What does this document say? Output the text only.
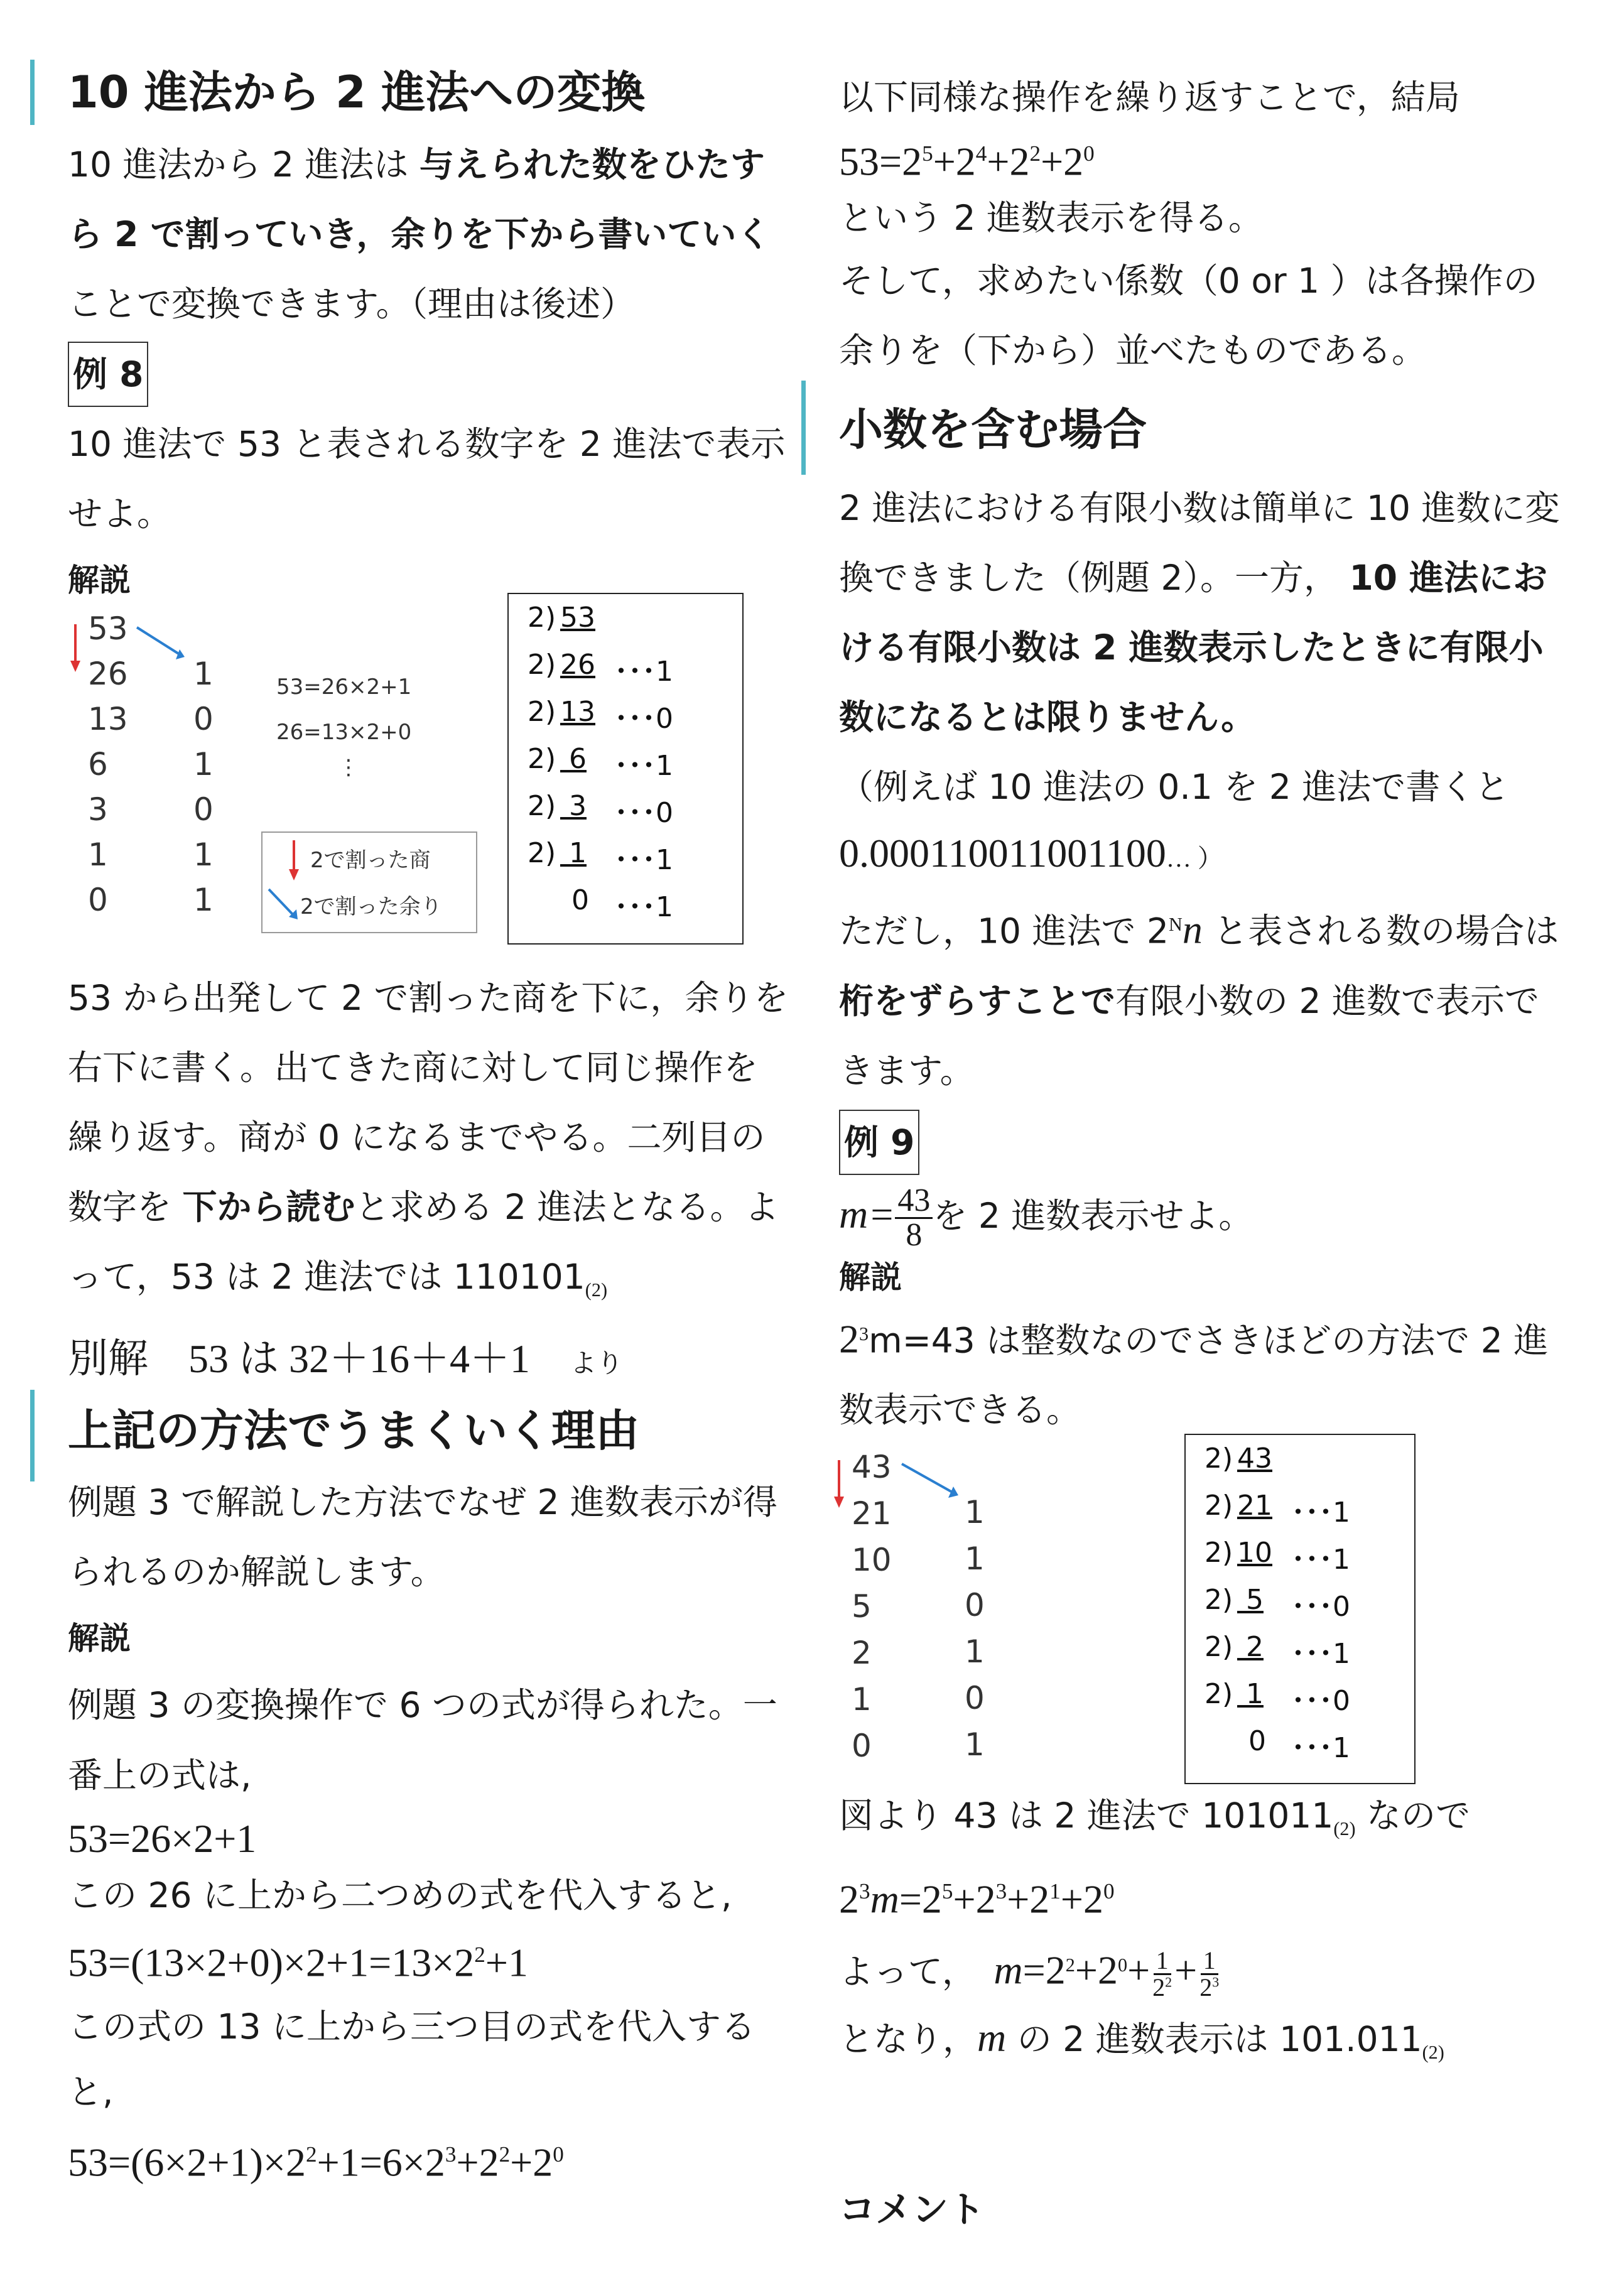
10 進法から 2 進法への変換

10 進法から 2 進法は 与えられた数をひたすら 2 で割っていき，余りを下から書いていくことで変換できます。（理由は後述）

例 8

10 進法で 53 と表される数字を 2 進法で表示せよ。

解説

53
26
13
6
3
1
0
1
0
1
0
1
1
53=26×2+1
26=13×2+0
⋮
2で割った商
2で割った余り
2) 53
2) 26 ･･･1
2) 13 ･･･0
2) 6 ･･･1
2) 3 ･･･0
2) 1 ･･･1
0 ･･･1

53 から出発して 2 で割った商を下に，余りを右下に書く。出てきた商に対して同じ操作を繰り返す。商が 0 になるまでやる。二列目の数字を 下から読むと求める 2 進法となる。よって，53 は 2 進法では $110101_{(2)}$

別解　53 は 32＋16＋4＋1　 より

上記の方法でうまくいく理由

例題 3 で解説した方法でなぜ 2 進数表示が得られるのか解説します。

解説

例題 3 の変換操作で 6 つの式が得られた。一番上の式は,

53=26×2+1

この 26 に上から二つめの式を代入すると,

$53=(13\times 2+0)\times 2+1=13\times 2^2+1$

この式の 13 に上から三つ目の式を代入すると,

$53=(6\times 2+1)\times 2^2+1=6\times 2^3+2^2+2^0$

以下同様な操作を繰り返すことで，結局

$53=2^5+2^4+2^2+2^0$

という 2 進数表示を得る。

そして，求めたい係数（0 or 1 ）は各操作の余りを（下から）並べたものである。

小数を含む場合

2 進法における有限小数は簡単に 10 進数に変換できました（例題 2）。一方， 10 進法における有限小数は 2 進数表示したときに有限小数になるとは限りません。

（例えば 10 進法の 0.1 を 2 進法で書くと

0.000110011001100… ）

ただし，10 進法で $2^Nn$ と表される数の場合は 桁をずらすことで有限小数の 2 進数で表示できます。

例 9

$m= \frac{43}{8}$ を 2 進数表示せよ。

解説

$2^3m=43$ は整数なのでさきほどの方法で 2 進数表示できる。

43
21
10
5
2
1
0
1
1
0
1
0
1
2) 43
2) 21 ･･･1
2) 10 ･･･1
2) 5 ･･･0
2) 2 ･･･1
2) 1 ･･･0
0 ･･･1

図より 43 は 2 進法で $101011_{(2)}$ なので

$2^3m=2^5+2^3+2^1+2^0$

よって，　$m=2^2+2^0+ \frac{1}{2^2} + \frac{1}{2^3}$

となり，m の 2 進数表示は $101.011_{(2)}$

コメント
